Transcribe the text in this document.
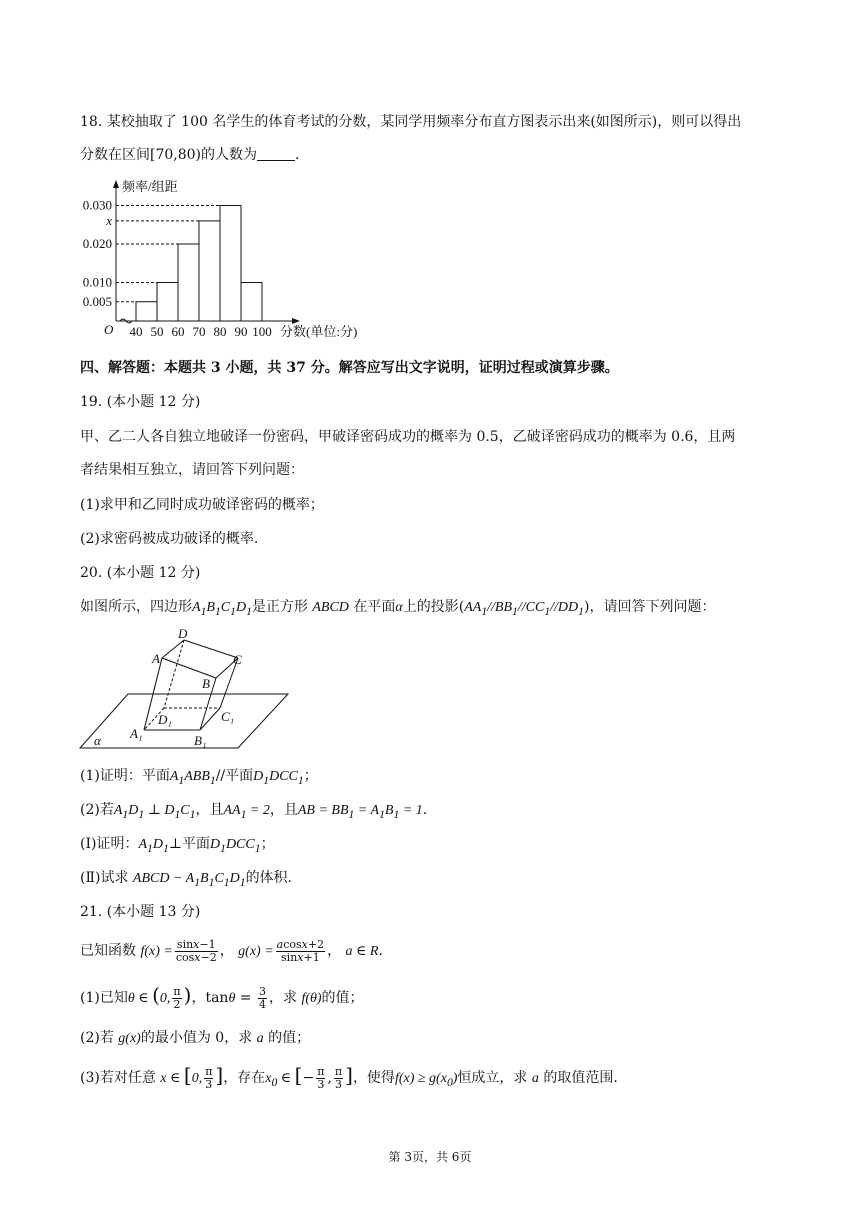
18. 某校抽取了 100 名学生的体育考试的分数，某同学用频率分布直方图表示出来(如图所示)，则可以得出
分数在区间[70,80)的人数为	.
0.030
x
0.020
0.010
0.005
40 50 60 70 80 90 100
O
频率/组距
分数(单位:分)
四、解答题：本题共 3 小题，共 37 分。解答应写出文字说明，证明过程或演算步骤。
19. (本小题 12 分)
甲、乙二人各自独立地破译一份密码，甲破译密码成功的概率为 0.5，乙破译密码成功的概率为 0.6，且两
者结果相互独立，请回答下列问题：
(1)求甲和乙同时成功破译密码的概率；
(2)求密码被成功破译的概率.
20. (本小题 12 分)
如图所示，四边形$A_1B_1C_1D_1$是正方形 ABCD 在平面α上的投影$(AA_1//BB_1//CC_1//DD_1)$，请回答下列问题：
D
A	C
B
D₁	C₁
A₁	B₁
α
(1)证明：平面$A_1ABB_1//$平面$D_1DCC_1$；
(2)若$A_1D_1$ ⊥ $D_1C_1$，且$AA_1 = 2$，且AB = $BB_1 = A_1B_1 = 1$.
(Ⅰ)证明：$A_1D_1\perp$平面$D_1DCC_1$；
(Ⅱ)试求 ABCD − $A_1B_1C_1D_1$的体积.
21. (本小题 13 分)
已知函数 $f(x) = \frac{\sin x-1}{\cos x-2}$ ， $g(x) = \frac{acosx+2}{\sin x+1}$ ， a ∈ R.
(1)已知θ ∈ (0, $\frac{\pi}{2}$ )，$\tan\theta = \frac{3}{4}$ ，求 f(θ)的值；
(2)若 g(x)的最小值为 0，求 a 的值；
(3)若对任意 x ∈ [0, $\frac{\pi}{3}$ ]，存在$x_0$ ∈ [− $\frac{\pi}{3}$ , $\frac{\pi}{3}$ ]，使得$f(x) \ge g(x_0)$恒成立，求 a 的取值范围.
第 3页，共 6页
